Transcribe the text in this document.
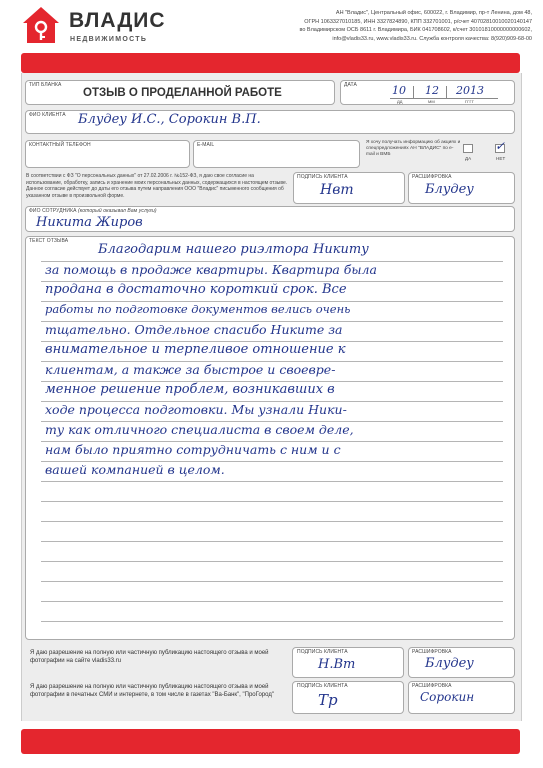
ВЛАДИС
НЕДВИЖИМОСТЬ
АН "Владис", Центральный офис, 600022, г. Владимир, пр-т Ленина, дом 48,
ОГРН 1063327010185, ИНН 3327824890, КПП 332701001, р/счет 40702810010020140147
во Владимирском ОСБ 8611 г. Владимира, БИК 041708602, к/счет 30101810000000000602,
info@vladis33.ru, www.vladis33.ru. Служба контроля качества: 8(920)909-68-00
ТИП БЛАНКА
ОТЗЫВ О ПРОДЕЛАННОЙ РАБОТЕ
ДАТА	10 12 2013
ДД	ММ	ГГГГ
ФИО КЛИЕНТА Блудеу И.С., Сорокин В.П.
КОНТАКТНЫЙ ТЕЛЕФОН	E-MAIL	Я хочу получать информацию об акциях и спецпредложениях АН "ВЛАДИС" по e-mail и ВМБ
ДА
✓
НЕТ
В соответствии с ФЗ "О персональных данных" от 27.02.2006 г. №152-ФЗ, я даю свое согласие на использование, обработку, запись и хранение моих персональных данных, содержащихся в настоящем отзыве. Данное согласие действует до даты его отзыва путем направления ООО "Владис" письменного сообщения об указанном отзыве в произвольной форме.
ПОДПИСЬ КЛИЕНТА
Нвт
РАСШИФРОВКА
Блудеу
ФИО СОТРУДНИКА (который оказывал Вам услуги)
Никита Жиров
ТЕКСТ ОТЗЫВА
Благодарим нашего риэлтора Никиту
за помощь в продаже квартиры. Квартира была
продана в достаточно короткий срок. Все
работы по подготовке документов велись очень
тщательно. Отдельное спасибо Никите за
внимательное и терпеливое отношение к
клиентам, а также за быстрое и своевре-
менное решение проблем, возникавших в
ходе процесса подготовки. Мы узнали Ники-
ту как отличного специалиста в своем деле,
нам было приятно сотрудничать с ним и с
вашей компанией в целом.
Я даю разрешение на полную или частичную публикацию настоящего отзыва и моей фотографии на сайте vladis33.ru
ПОДПИСЬ КЛИЕНТА
Н.Вт
РАСШИФРОВКА
Блудеу
Я даю разрешение на полную или частичную публикацию настоящего отзыва и моей фотографии в печатных СМИ и интернете, в том числе в газетах "Ва-Банк", "ПроГород"
ПОДПИСЬ КЛИЕНТА
Тр
РАСШИФРОВКА
Сорокин
